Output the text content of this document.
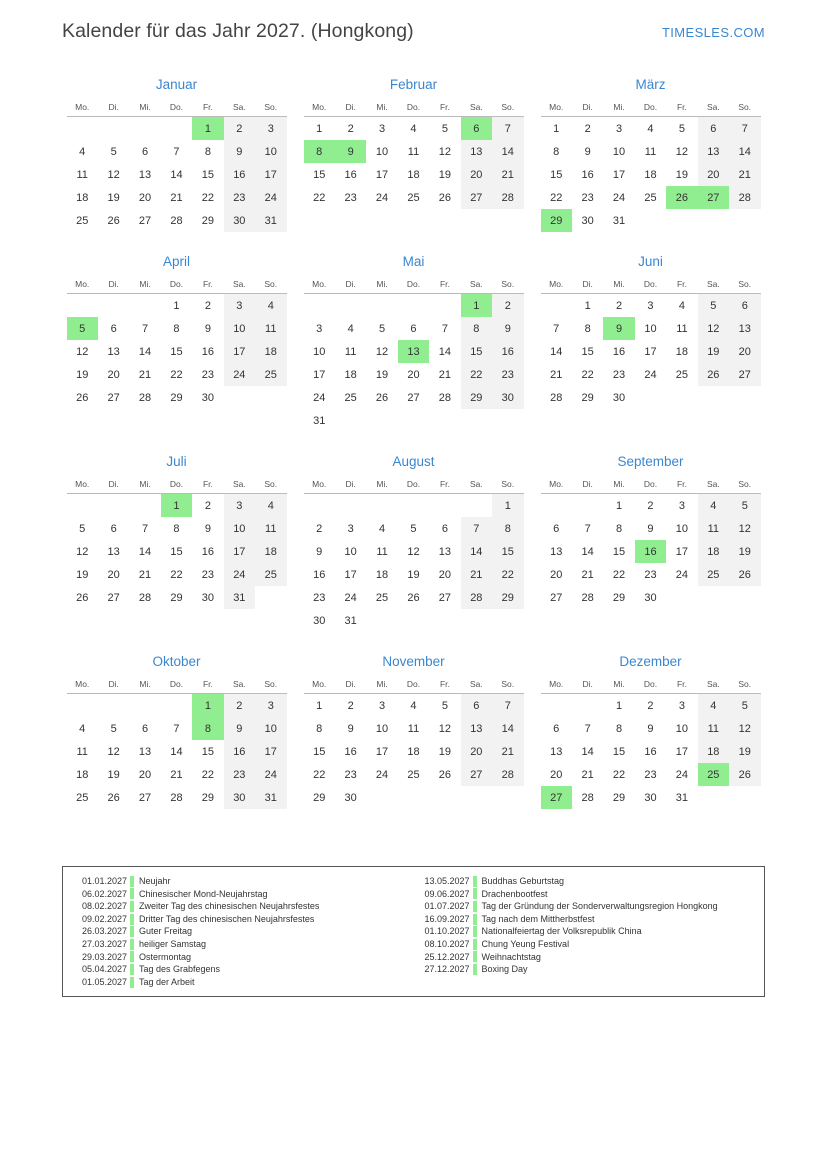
Kalender für das Jahr 2027. (Hongkong)	TIMESLES.COM
Januar
Mo.	Di.	Mi.	Do.	Fr.	Sa.	So.
				1	2	3
4	5	6	7	8	9	10
11	12	13	14	15	16	17
18	19	20	21	22	23	24
25	26	27	28	29	30	31
Februar
Mo.	Di.	Mi.	Do.	Fr.	Sa.	So.
1	2	3	4	5	6	7
8	9	10	11	12	13	14
15	16	17	18	19	20	21
22	23	24	25	26	27	28
März
Mo.	Di.	Mi.	Do.	Fr.	Sa.	So.
1	2	3	4	5	6	7
8	9	10	11	12	13	14
15	16	17	18	19	20	21
22	23	24	25	26	27	28
29	30	31				
April
Mo.	Di.	Mi.	Do.	Fr.	Sa.	So.
			1	2	3	4
5	6	7	8	9	10	11
12	13	14	15	16	17	18
19	20	21	22	23	24	25
26	27	28	29	30		
Mai
Mo.	Di.	Mi.	Do.	Fr.	Sa.	So.
					1	2
3	4	5	6	7	8	9
10	11	12	13	14	15	16
17	18	19	20	21	22	23
24	25	26	27	28	29	30
31						
Juni
Mo.	Di.	Mi.	Do.	Fr.	Sa.	So.
	1	2	3	4	5	6
7	8	9	10	11	12	13
14	15	16	17	18	19	20
21	22	23	24	25	26	27
28	29	30				
Juli
Mo.	Di.	Mi.	Do.	Fr.	Sa.	So.
			1	2	3	4
5	6	7	8	9	10	11
12	13	14	15	16	17	18
19	20	21	22	23	24	25
26	27	28	29	30	31	
August
Mo.	Di.	Mi.	Do.	Fr.	Sa.	So.
						1
2	3	4	5	6	7	8
9	10	11	12	13	14	15
16	17	18	19	20	21	22
23	24	25	26	27	28	29
30	31					
September
Mo.	Di.	Mi.	Do.	Fr.	Sa.	So.
		1	2	3	4	5
6	7	8	9	10	11	12
13	14	15	16	17	18	19
20	21	22	23	24	25	26
27	28	29	30			
Oktober
Mo.	Di.	Mi.	Do.	Fr.	Sa.	So.
				1	2	3
4	5	6	7	8	9	10
11	12	13	14	15	16	17
18	19	20	21	22	23	24
25	26	27	28	29	30	31
November
Mo.	Di.	Mi.	Do.	Fr.	Sa.	So.
1	2	3	4	5	6	7
8	9	10	11	12	13	14
15	16	17	18	19	20	21
22	23	24	25	26	27	28
29	30					
Dezember
Mo.	Di.	Mi.	Do.	Fr.	Sa.	So.
		1	2	3	4	5
6	7	8	9	10	11	12
13	14	15	16	17	18	19
20	21	22	23	24	25	26
27	28	29	30	31		
01.01.2027	Neujahr
06.02.2027	Chinesischer Mond-Neujahrstag
08.02.2027	Zweiter Tag des chinesischen Neujahrsfestes
09.02.2027	Dritter Tag des chinesischen Neujahrsfestes
26.03.2027	Guter Freitag
27.03.2027	heiliger Samstag
29.03.2027	Ostermontag
05.04.2027	Tag des Grabfegens
01.05.2027	Tag der Arbeit
13.05.2027	Buddhas Geburtstag
09.06.2027	Drachenbootfest
01.07.2027	Tag der Gründung der Sonderverwaltungsregion Hongkong
16.09.2027	Tag nach dem Mittherbstfest
01.10.2027	Nationalfeiertag der Volksrepublik China
08.10.2027	Chung Yeung Festival
25.12.2027	Weihnachtstag
27.12.2027	Boxing Day
